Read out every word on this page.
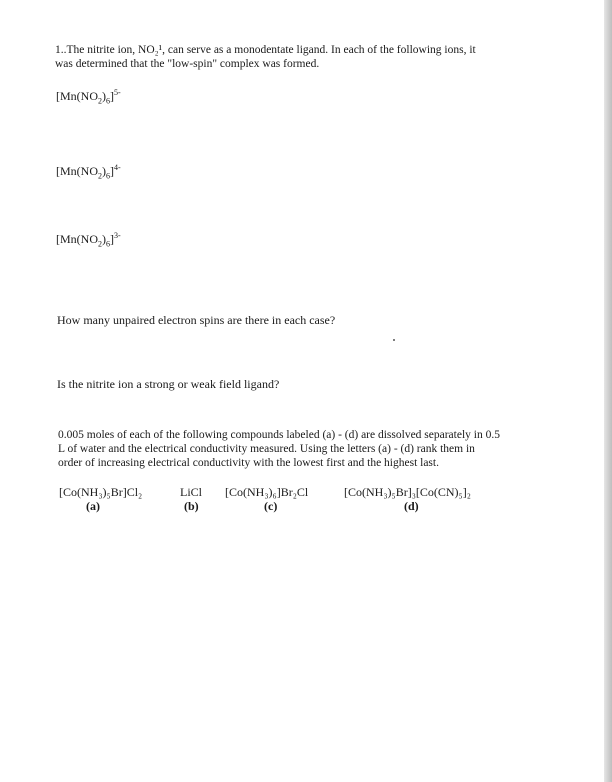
1..The nitrite ion, NO₂¹, can serve as a monodentate ligand. In each of the following ions, it
was determined that the "low-spin" complex was formed.
$[Mn(NO_2)_6]^{5-}$
$[Mn(NO_2)_6]^{4-}$
$[Mn(NO_2)_6]^{3-}$
How many unpaired electron spins are there in each case?
Is the nitrite ion a strong or weak field ligand?
0.005 moles of each of the following compounds labeled (a) - (d) are dissolved separately in 0.5
L of water and the electrical conductivity measured. Using the letters (a) - (d) rank them in
order of increasing electrical conductivity with the lowest first and the highest last.
[Co(NH₃)₅Br]Cl₂
(a)
LiCl
(b)
[Co(NH₃)₆]Br₂Cl
(c)
[Co(NH₃)₅Br]₃[Co(CN)₅]₂
(d)
